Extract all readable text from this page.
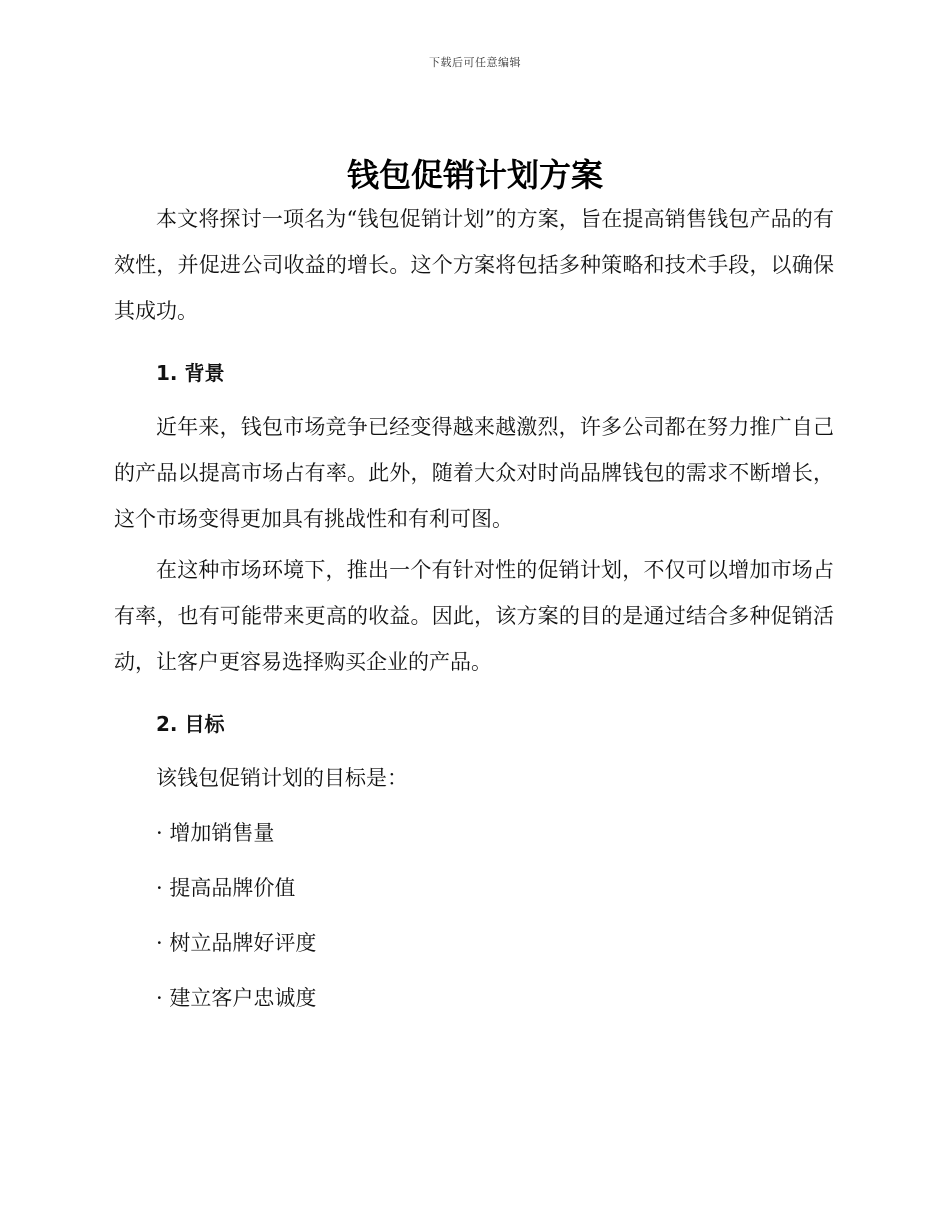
下载后可任意编辑
钱包促销计划方案

本文将探讨一项名为“钱包促销计划”的方案，旨在提高销售钱包产品的有效性，并促进公司收益的增长。这个方案将包括多种策略和技术手段，以确保其成功。

1. 背景

近年来，钱包市场竞争已经变得越来越激烈，许多公司都在努力推广自己的产品以提高市场占有率。此外，随着大众对时尚品牌钱包的需求不断增长，这个市场变得更加具有挑战性和有利可图。

在这种市场环境下，推出一个有针对性的促销计划，不仅可以增加市场占有率，也有可能带来更高的收益。因此，该方案的目的是通过结合多种促销活动，让客户更容易选择购买企业的产品。

2. 目标
该钱包促销计划的目标是：
· 增加销售量
· 提高品牌价值
· 树立品牌好评度
· 建立客户忠诚度
